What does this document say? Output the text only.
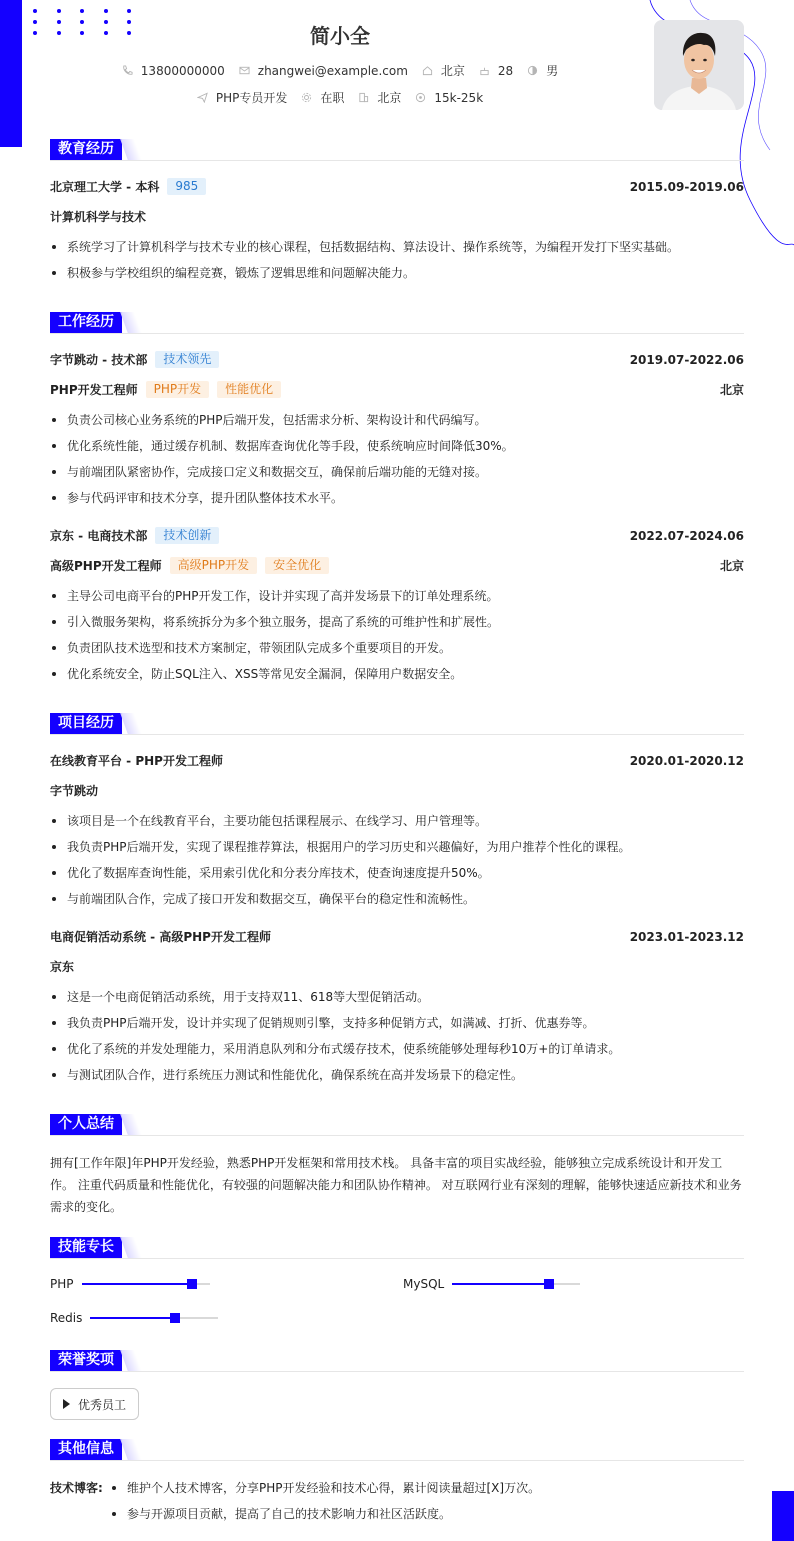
简小全
13800000000	zhangwei@example.com	北京	28	男
PHP专员开发	在职	北京	15k-25k
教育经历
北京理工大学 - 本科	985	2015.09-2019.06
计算机科学与技术
系统学习了计算机科学与技术专业的核心课程，包括数据结构、算法设计、操作系统等，为编程开发打下坚实基础。
积极参与学校组织的编程竞赛，锻炼了逻辑思维和问题解决能力。
工作经历
字节跳动 - 技术部	技术领先	2019.07-2022.06
PHP开发工程师	PHP开发	性能优化	北京
负责公司核心业务系统的PHP后端开发，包括需求分析、架构设计和代码编写。
优化系统性能，通过缓存机制、数据库查询优化等手段，使系统响应时间降低30%。
与前端团队紧密协作，完成接口定义和数据交互，确保前后端功能的无缝对接。
参与代码评审和技术分享，提升团队整体技术水平。
京东 - 电商技术部	技术创新	2022.07-2024.06
高级PHP开发工程师	高级PHP开发	安全优化	北京
主导公司电商平台的PHP开发工作，设计并实现了高并发场景下的订单处理系统。
引入微服务架构，将系统拆分为多个独立服务，提高了系统的可维护性和扩展性。
负责团队技术选型和技术方案制定，带领团队完成多个重要项目的开发。
优化系统安全，防止SQL注入、XSS等常见安全漏洞，保障用户数据安全。
项目经历
在线教育平台 - PHP开发工程师	2020.01-2020.12
字节跳动
该项目是一个在线教育平台，主要功能包括课程展示、在线学习、用户管理等。
我负责PHP后端开发，实现了课程推荐算法，根据用户的学习历史和兴趣偏好，为用户推荐个性化的课程。
优化了数据库查询性能，采用索引优化和分表分库技术，使查询速度提升50%。
与前端团队合作，完成了接口开发和数据交互，确保平台的稳定性和流畅性。
电商促销活动系统 - 高级PHP开发工程师	2023.01-2023.12
京东
这是一个电商促销活动系统，用于支持双11、618等大型促销活动。
我负责PHP后端开发，设计并实现了促销规则引擎，支持多种促销方式，如满减、打折、优惠券等。
优化了系统的并发处理能力，采用消息队列和分布式缓存技术，使系统能够处理每秒10万+的订单请求。
与测试团队合作，进行系统压力测试和性能优化，确保系统在高并发场景下的稳定性。
个人总结
拥有[工作年限]年PHP开发经验，熟悉PHP开发框架和常用技术栈。 具备丰富的项目实战经验，能够独立完成系统设计和开发工
作。 注重代码质量和性能优化，有较强的问题解决能力和团队协作精神。 对互联网行业有深刻的理解，能够快速适应新技术和业务
需求的变化。
技能专长
PHP	MySQL
Redis
荣誉奖项
优秀员工
其他信息
技术博客:	维护个人技术博客，分享PHP开发经验和技术心得，累计阅读量超过[X]万次。
参与开源项目贡献，提高了自己的技术影响力和社区活跃度。
